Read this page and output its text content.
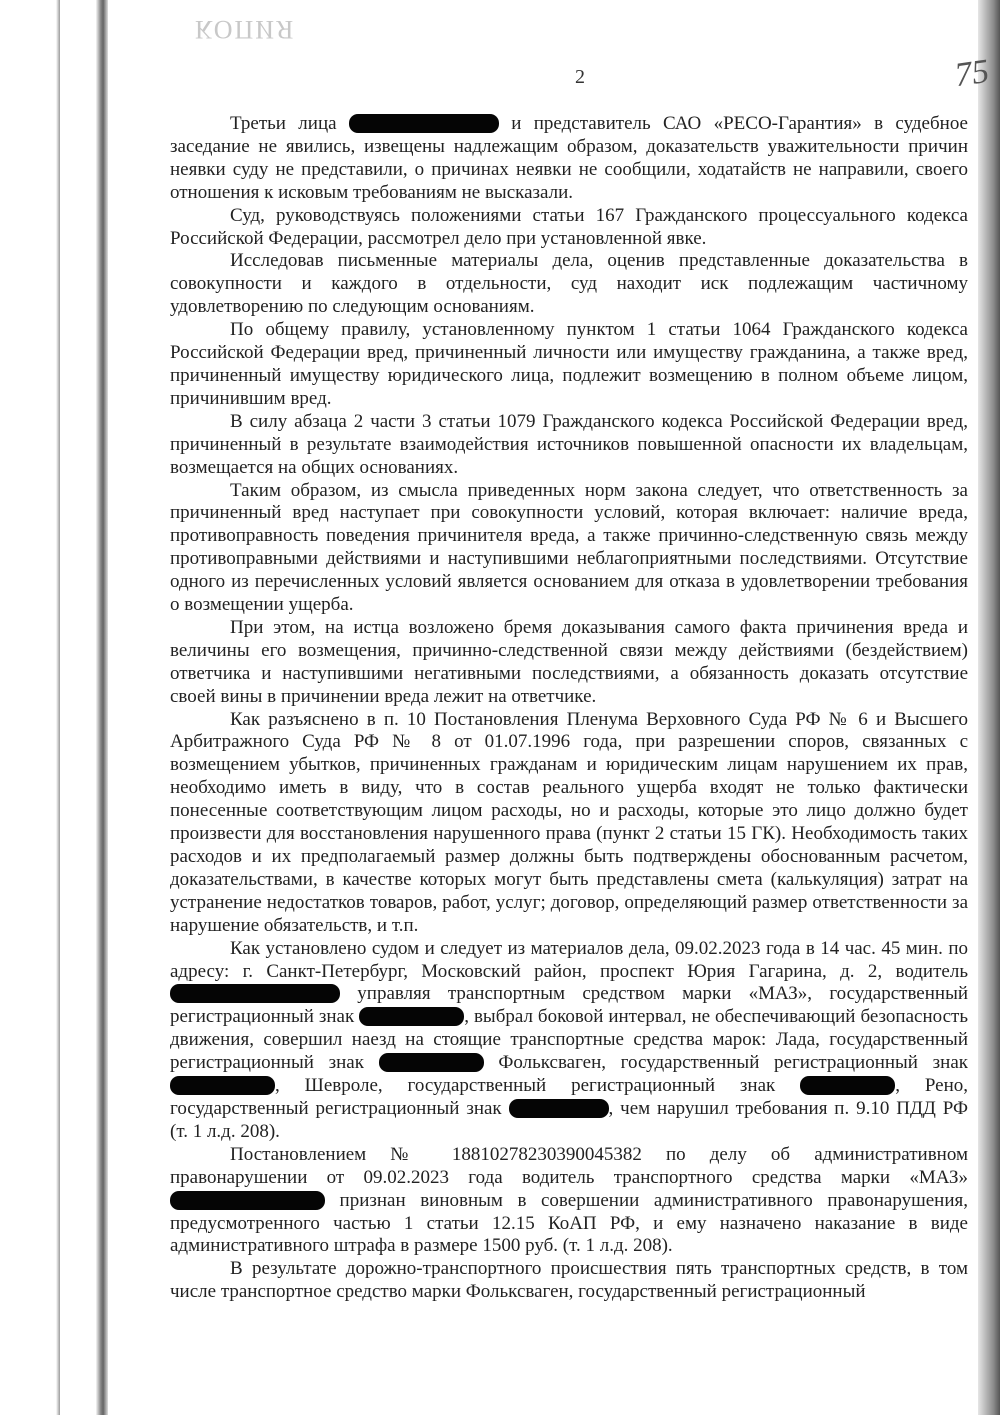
КОПИЯ
2	75

Третьи лица	и представитель САО «РЕСО-Гарантия» в судебное заседание не явились, извещены надлежащим образом, доказательств уважительности причин неявки суду не представили, о причинах неявки не сообщили, ходатайств не направили, своего отношения к исковым требованиям не высказали.

Суд, руководствуясь положениями статьи 167 Гражданского процессуального кодекса Российской Федерации, рассмотрел дело при установленной явке.

Исследовав письменные материалы дела, оценив представленные доказательства в совокупности и каждого в отдельности, суд находит иск подлежащим частичному удовлетворению по следующим основаниям.

По общему правилу, установленному пунктом 1 статьи 1064 Гражданского кодекса Российской Федерации вред, причиненный личности или имуществу гражданина, а также вред, причиненный имуществу юридического лица, подлежит возмещению в полном объеме лицом, причинившим вред.

В силу абзаца 2 части 3 статьи 1079 Гражданского кодекса Российской Федерации вред, причиненный в результате взаимодействия источников повышенной опасности их владельцам, возмещается на общих основаниях.

Таким образом, из смысла приведенных норм закона следует, что ответственность за причиненный вред наступает при совокупности условий, которая включает: наличие вреда, противоправность поведения причинителя вреда, а также причинно-следственную связь между противоправными действиями и наступившими неблагоприятными последствиями. Отсутствие одного из перечисленных условий является основанием для отказа в удовлетворении требования о возмещении ущерба.

При этом, на истца возложено бремя доказывания самого факта причинения вреда и величины его возмещения, причинно-следственной связи между действиями (бездействием) ответчика и наступившими негативными последствиями, а обязанность доказать отсутствие своей вины в причинении вреда лежит на ответчике.

Как разъяснено в п. 10 Постановления Пленума Верховного Суда РФ № 6 и Высшего Арбитражного Суда РФ № 8 от 01.07.1996 года, при разрешении споров, связанных с возмещением убытков, причиненных гражданам и юридическим лицам нарушением их прав, необходимо иметь в виду, что в состав реального ущерба входят не только фактически понесенные соответствующим лицом расходы, но и расходы, которые это лицо должно будет произвести для восстановления нарушенного права (пункт 2 статьи 15 ГК). Необходимость таких расходов и их предполагаемый размер должны быть подтверждены обоснованным расчетом, доказательствами, в качестве которых могут быть представлены смета (калькуляция) затрат на устранение недостатков товаров, работ, услуг; договор, определяющий размер ответственности за нарушение обязательств, и т.п.

Как установлено судом и следует из материалов дела, 09.02.2023 года в 14 час. 45 мин. по адресу: г. Санкт-Петербург, Московский район, проспект Юрия Гагарина, д. 2, водитель  управляя транспортным средством марки «МАЗ», государственный регистрационный знак	, выбрал боковой интервал, не обеспечивающий безопасность движения, совершил наезд на стоящие транспортные средства марок: Лада, государственный регистрационный знак	Фольксваген, государственный регистрационный знак , Шевроле, государственный регистрационный знак	, Рено, государственный регистрационный знак	, чем нарушил требования п. 9.10 ПДД РФ (т. 1 л.д. 208).

Постановлением № 18810278230390045382 по делу об административном правонарушении от 09.02.2023 года водитель транспортного средства марки «МАЗ»  признан виновным в совершении административного правонарушения, предусмотренного частью 1 статьи 12.15 КоАП РФ, и ему назначено наказание в виде административного штрафа в размере 1500 руб. (т. 1 л.д. 208).

В результате дорожно-транспортного происшествия пять транспортных средств, в том числе транспортное средство марки Фольксваген, государственный регистрационный
